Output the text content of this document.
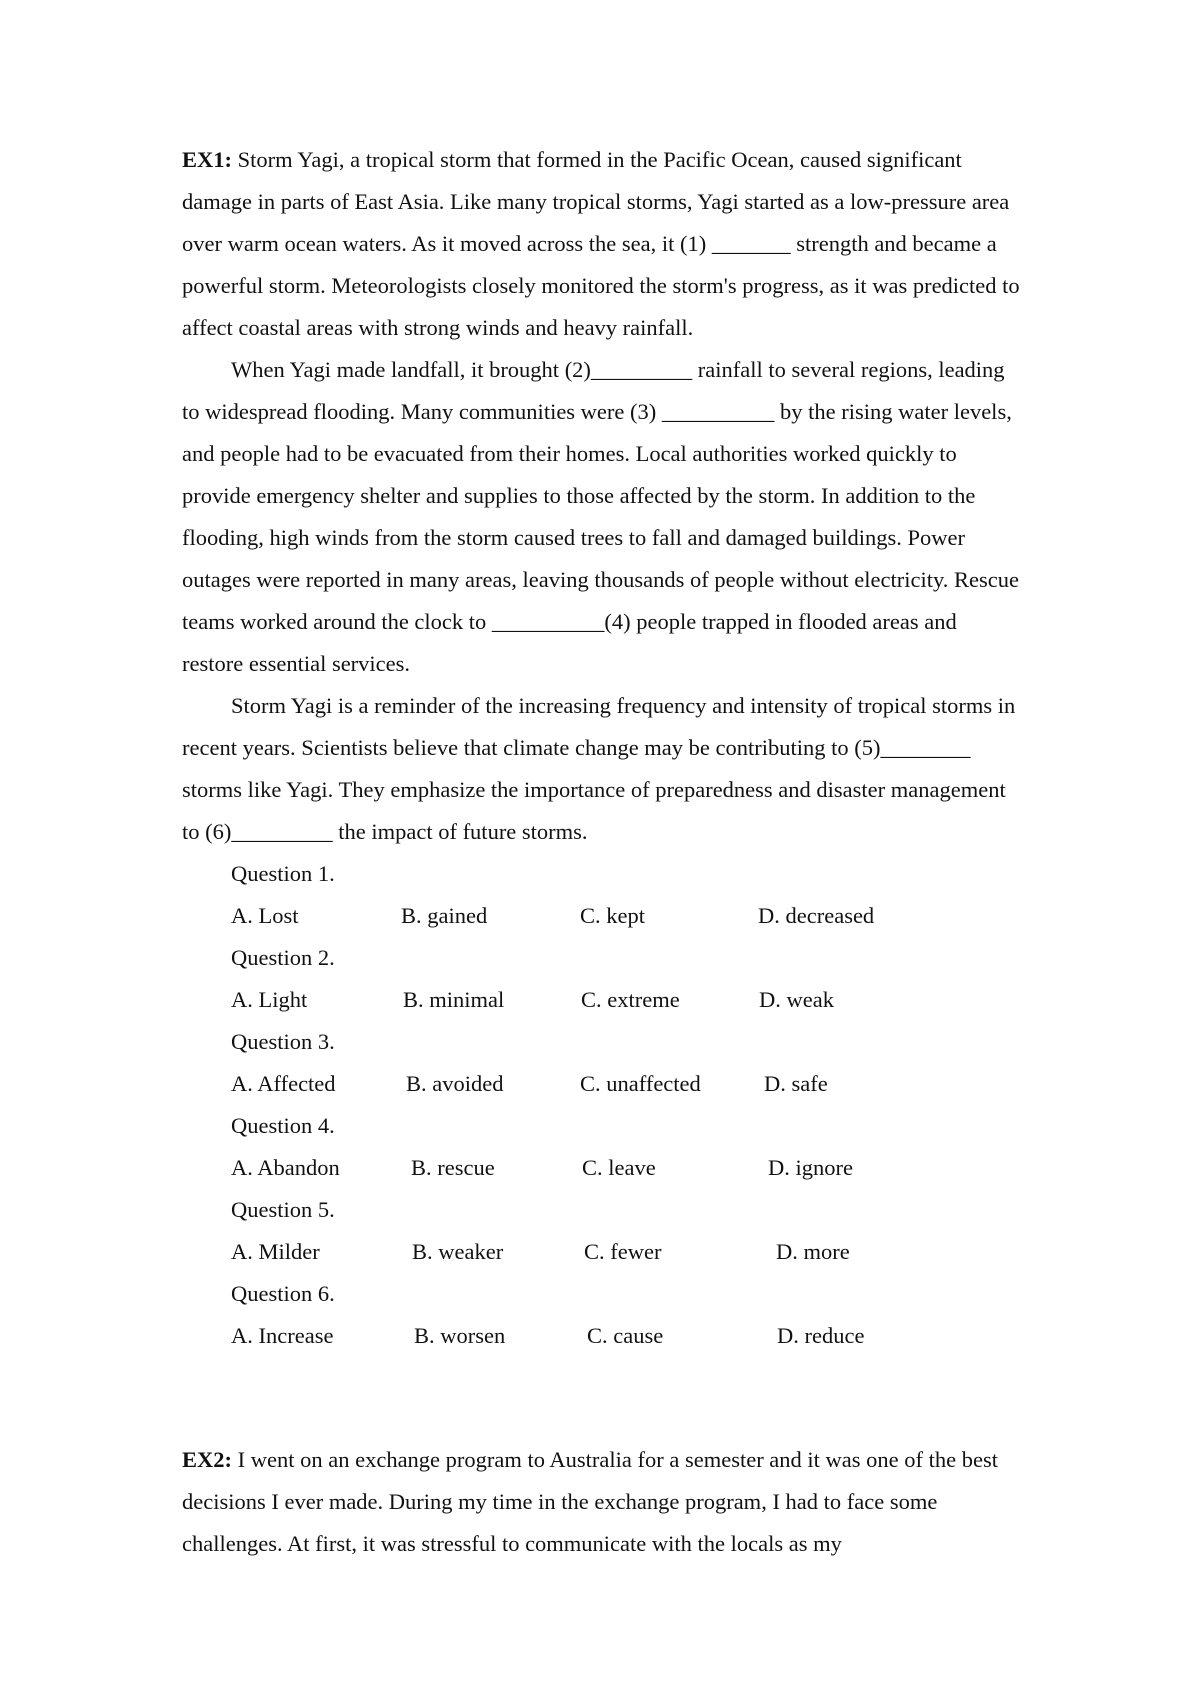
EX1: Storm Yagi, a tropical storm that formed in the Pacific Ocean, caused significant damage in parts of East Asia. Like many tropical storms, Yagi started as a low-pressure area over warm ocean waters. As it moved across the sea, it (1) _______ strength and became a powerful storm. Meteorologists closely monitored the storm's progress, as it was predicted to affect coastal areas with strong winds and heavy rainfall.

When Yagi made landfall, it brought (2)_________ rainfall to several regions, leading to widespread flooding. Many communities were (3) __________ by the rising water levels, and people had to be evacuated from their homes. Local authorities worked quickly to provide emergency shelter and supplies to those affected by the storm. In addition to the flooding, high winds from the storm caused trees to fall and damaged buildings. Power outages were reported in many areas, leaving thousands of people without electricity. Rescue teams worked around the clock to __________(4) people trapped in flooded areas and restore essential services.

Storm Yagi is a reminder of the increasing frequency and intensity of tropical storms in recent years. Scientists believe that climate change may be contributing to (5)________ storms like Yagi. They emphasize the importance of preparedness and disaster management to (6)_________ the impact of future storms.

Question 1.
A. Lost	B. gained	C. kept	D. decreased
Question 2.
A. Light	B. minimal	C. extreme	D. weak
Question 3.
A. Affected	B. avoided	C. unaffected	D. safe
Question 4.
A. Abandon	B. rescue	C. leave	D. ignore
Question 5.
A. Milder	B. weaker	C. fewer	D. more
Question 6.
A. Increase	B. worsen	C. cause	D. reduce

EX2: I went on an exchange program to Australia for a semester and it was one of the best decisions I ever made. During my time in the exchange program, I had to face some challenges. At first, it was stressful to communicate with the locals as my
